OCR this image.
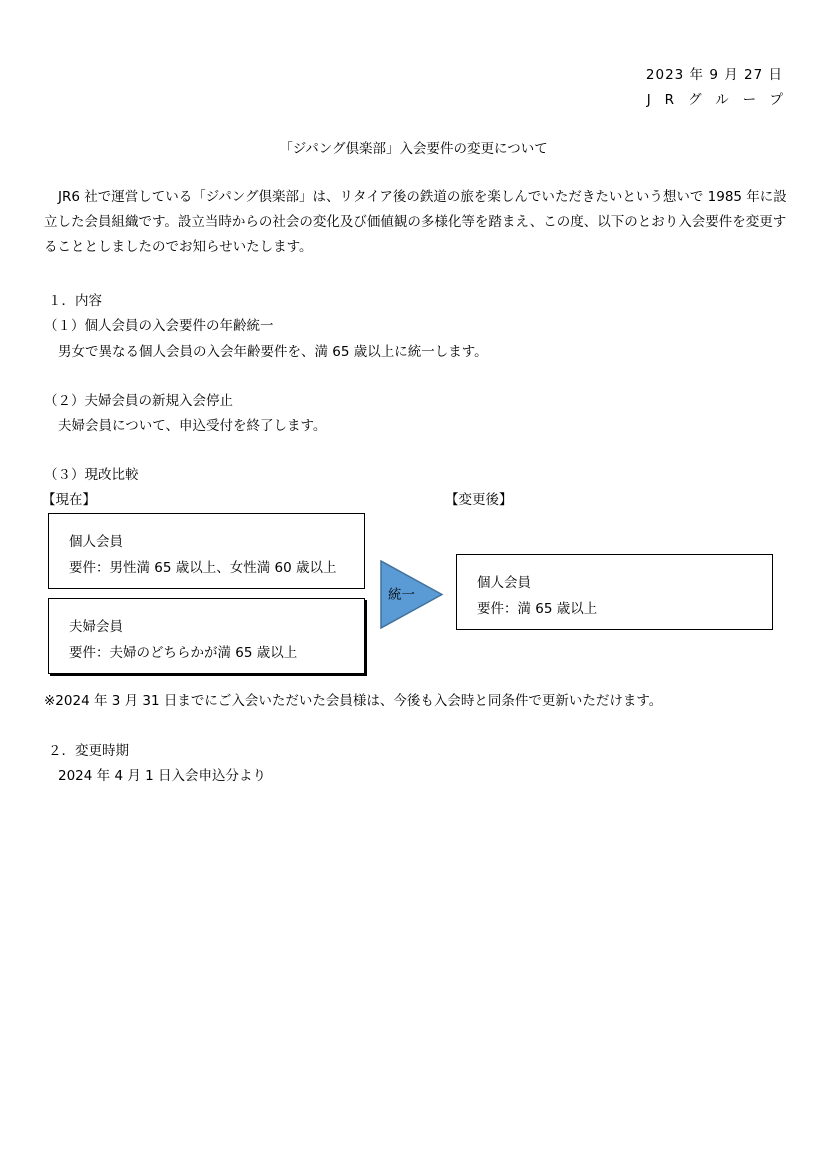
2023 年 9 月 27 日
JRグループ
「ジパング倶楽部」入会要件の変更について
JR6 社で運営している「ジパング倶楽部」は、リタイア後の鉄道の旅を楽しんでいただきたいという想いで 1985 年に設立した会員組織です。設立当時からの社会の変化及び価値観の多様化等を踏まえ、この度、以下のとおり入会要件を変更することとしましたのでお知らせいたします。
１．内容
（１）個人会員の入会要件の年齢統一
男女で異なる個人会員の入会年齢要件を、満 65 歳以上に統一します。
（２）夫婦会員の新規入会停止
夫婦会員について、申込受付を終了します。
（３）現改比較
【現在】	【変更後】
個人会員
要件：男性満 65 歳以上、女性満 60 歳以上
夫婦会員
要件：夫婦のどちらかが満 65 歳以上
統一
個人会員
要件：満 65 歳以上
※2024 年 3 月 31 日までにご入会いただいた会員様は、今後も入会時と同条件で更新いただけます。
２．変更時期
2024 年 4 月 1 日入会申込分より
